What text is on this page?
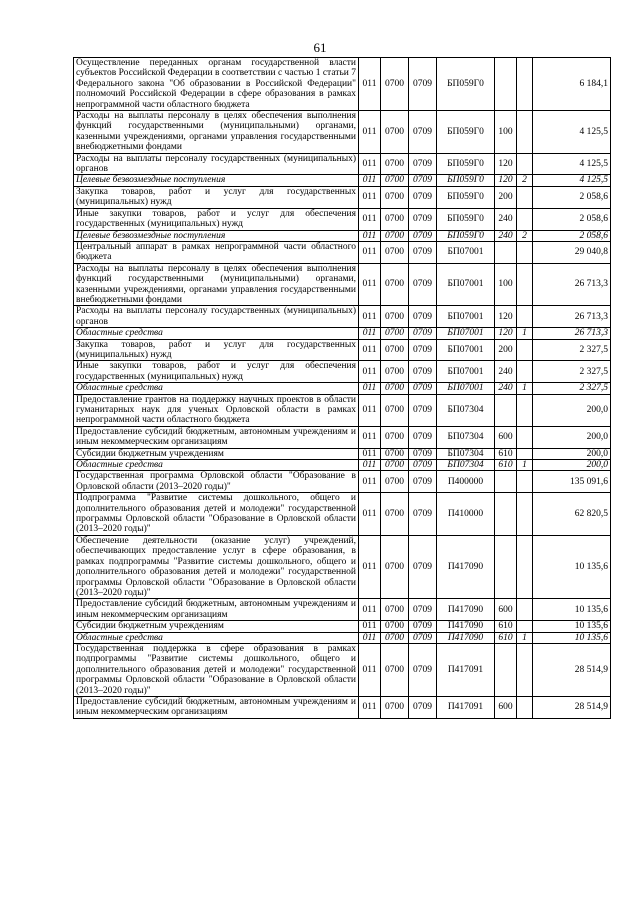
61
Осуществление переданных органам государственной власти субъектов Российской Федерации в соответствии с частью 1 статьи 7 Федерального закона "Об образовании в Российской Федерации" полномочий Российской Федерации в сфере образования в рамках непрограммной части областного бюджета	011	0700	0709	БП059Г0			6 184,1
Расходы на выплаты персоналу в целях обеспечения выполнения функций государственными (муниципальными) органами, казенными учреждениями, органами управления государственными внебюджетными фондами	011	0700	0709	БП059Г0	100		4 125,5
Расходы на выплаты персоналу государственных (муниципальных) органов	011	0700	0709	БП059Г0	120		4 125,5
Целевые безвозмездные поступления	011	0700	0709	БП059Г0	120	2	4 125,5
Закупка товаров, работ и услуг для государственных (муниципальных) нужд	011	0700	0709	БП059Г0	200		2 058,6
Иные закупки товаров, работ и услуг для обеспечения государственных (муниципальных) нужд	011	0700	0709	БП059Г0	240		2 058,6
Целевые безвозмездные поступления	011	0700	0709	БП059Г0	240	2	2 058,6
Центральный аппарат в рамках непрограммной части областного бюджета	011	0700	0709	БП07001			29 040,8
Расходы на выплаты персоналу в целях обеспечения выполнения функций государственными (муниципальными) органами, казенными учреждениями, органами управления государственными внебюджетными фондами	011	0700	0709	БП07001	100		26 713,3
Расходы на выплаты персоналу государственных (муниципальных) органов	011	0700	0709	БП07001	120		26 713,3
Областные средства	011	0700	0709	БП07001	120	1	26 713,3
Закупка товаров, работ и услуг для государственных (муниципальных) нужд	011	0700	0709	БП07001	200		2 327,5
Иные закупки товаров, работ и услуг для обеспечения государственных (муниципальных) нужд	011	0700	0709	БП07001	240		2 327,5
Областные средства	011	0700	0709	БП07001	240	1	2 327,5
Предоставление грантов на поддержку научных проектов в области гуманитарных наук для ученых Орловской области в рамках непрограммной части областного бюджета	011	0700	0709	БП07304			200,0
Предоставление субсидий бюджетным, автономным учреждениям и иным некоммерческим организациям	011	0700	0709	БП07304	600		200,0
Субсидии бюджетным учреждениям	011	0700	0709	БП07304	610		200,0
Областные средства	011	0700	0709	БП07304	610	1	200,0
Государственная программа Орловской области "Образование в Орловской области (2013–2020 годы)"	011	0700	0709	П400000			135 091,6
Подпрограмма "Развитие системы дошкольного, общего и дополнительного образования детей и молодежи" государственной программы Орловской области "Образование в Орловской области (2013–2020 годы)"	011	0700	0709	П410000			62 820,5
Обеспечение деятельности (оказание услуг) учреждений, обеспечивающих предоставление услуг в сфере образования, в рамках подпрограммы "Развитие системы дошкольного, общего и дополнительного образования детей и молодежи" государственной программы Орловской области "Образование в Орловской области (2013–2020 годы)"	011	0700	0709	П417090			10 135,6
Предоставление субсидий бюджетным, автономным учреждениям и иным некоммерческим организациям	011	0700	0709	П417090	600		10 135,6
Субсидии бюджетным учреждениям	011	0700	0709	П417090	610		10 135,6
Областные средства	011	0700	0709	П417090	610	1	10 135,6
Государственная поддержка в сфере образования в рамках подпрограммы "Развитие системы дошкольного, общего и дополнительного образования детей и молодежи" государственной программы Орловской области "Образование в Орловской области (2013–2020 годы)"	011	0700	0709	П417091			28 514,9
Предоставление субсидий бюджетным, автономным учреждениям и иным некоммерческим организациям	011	0700	0709	П417091	600		28 514,9
